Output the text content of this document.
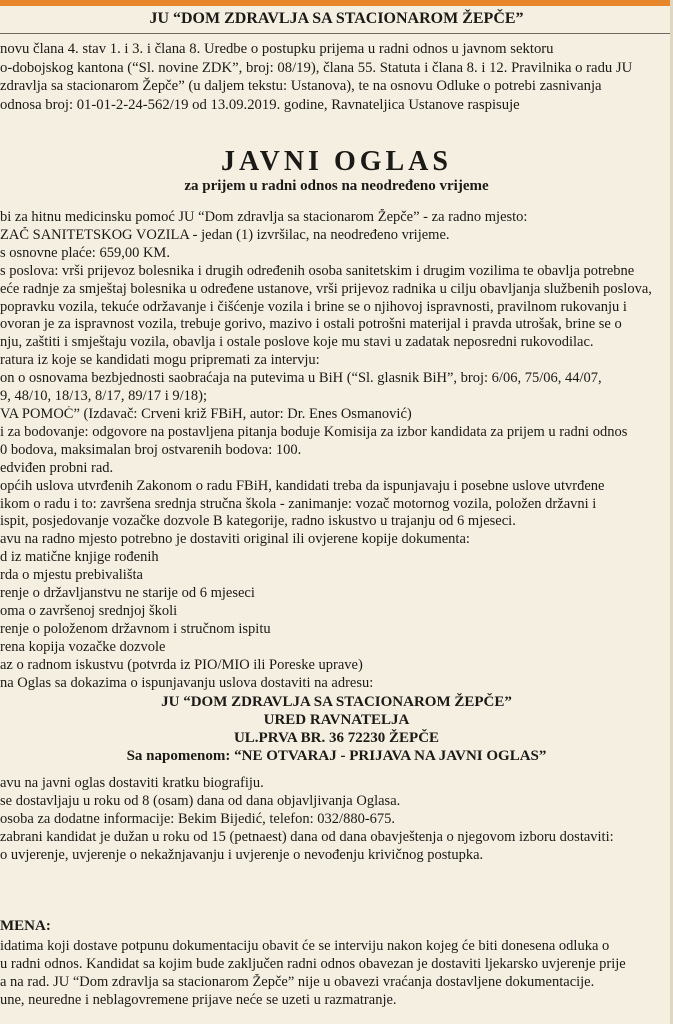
JU “DOM ZDRAVLJA SA STACIONAROM ŽEPČE”

novu člana 4. stav 1. i 3. i člana 8. Uredbe o postupku prijema u radni odnos u javnom sektoru

o-dobojskog kantona (“Sl. novine ZDK”, broj: 08/19), člana 55. Statuta i člana 8. i 12. Pravilnika o radu JU

zdravlja sa stacionarom Žepče” (u daljem tekstu: Ustanova), te na osnovu Odluke o potrebi zasnivanja

odnosa broj: 01-01-2-24-562/19 od 13.09.2019. godine, Ravnateljica Ustanove raspisuje

JAVNI OGLAS
za prijem u radni odnos na neodređeno vrijeme

bi za hitnu medicinsku pomoć JU “Dom zdravlja sa stacionarom Žepče” - za radno mjesto:

ZAČ SANITETSKOG VOZILA - jedan (1) izvršilac, na neodređeno vrijeme.

s osnovne plaće: 659,00 KM.

s poslova: vrši prijevoz bolesnika i drugih određenih osoba sanitetskim i drugim vozilima te obavlja potrebne

eće radnje za smještaj bolesnika u određene ustanove, vrši prijevoz radnika u cilju obavljanja službenih poslova,

popravku vozila, tekuće održavanje i čišćenje vozila i brine se o njihovoj ispravnosti, pravilnom rukovanju i

ovoran je za ispravnost vozila, trebuje gorivo, mazivo i ostali potrošni materijal i pravda utrošak, brine se o

nju, zaštiti i smještaju vozila, obavlja i ostale poslove koje mu stavi u zadatak neposredni rukovodilac.

ratura iz koje se kandidati mogu pripremati za intervju:

on o osnovama bezbjednosti saobraćaja na putevima u BiH (“Sl. glasnik BiH”, broj: 6/06, 75/06, 44/07,

9, 48/10, 18/13, 8/17, 89/17 i 9/18);

VA POMOĆ” (Izdavač: Crveni križ FBiH, autor: Dr. Enes Osmanović)

i za bodovanje: odgovore na postavljena pitanja boduje Komisija za izbor kandidata za prijem u radni odnos

0 bodova, maksimalan broj ostvarenih bodova: 100.

edviđen probni rad.

općih uslova utvrđenih Zakonom o radu FBiH, kandidati treba da ispunjavaju i posebne uslove utvrđene

ikom o radu i to: završena srednja stručna škola - zanimanje: vozač motornog vozila, položen državni i

ispit, posjedovanje vozačke dozvole B kategorije, radno iskustvo u trajanju od 6 mjeseci.

avu na radno mjesto potrebno je dostaviti original ili ovjerene kopije dokumenta:

d iz matične knjige rođenih

rda o mjestu prebivališta

renje o državljanstvu ne starije od 6 mjeseci

oma o završenoj srednjoj školi

renje o položenom državnom i stručnom ispitu

rena kopija vozačke dozvole

az o radnom iskustvu (potvrda iz PIO/MIO ili Poreske uprave)

na Oglas sa dokazima o ispunjavanju uslova dostaviti na adresu:

JU “DOM ZDRAVLJA SA STACIONAROM ŽEPČE”
URED RAVNATELJA
UL.PRVA BR. 36 72230 ŽEPČE
Sa napomenom: “NE OTVARAJ - PRIJAVA NA JAVNI OGLAS”

avu na javni oglas dostaviti kratku biografiju.

se dostavljaju u roku od 8 (osam) dana od dana objavljivanja Oglasa.

osoba za dodatne informacije: Bekim Bijedić, telefon: 032/880-675.

zabrani kandidat je dužan u roku od 15 (petnaest) dana od dana obavještenja o njegovom izboru dostaviti:

o uvjerenje, uvjerenje o nekažnjavanju i uvjerenje o nevođenju krivičnog postupka.

MENA:

idatima koji dostave potpunu dokumentaciju obavit će se interviju nakon kojeg će biti donesena odluka o

u radni odnos. Kandidat sa kojim bude zaključen radni odnos obavezan je dostaviti ljekarsko uvjerenje prije

a na rad. JU “Dom zdravlja sa stacionarom Žepče” nije u obavezi vraćanja dostavljene dokumentacije.

une, neuredne i neblagovremene prijave neće se uzeti u razmatranje.
